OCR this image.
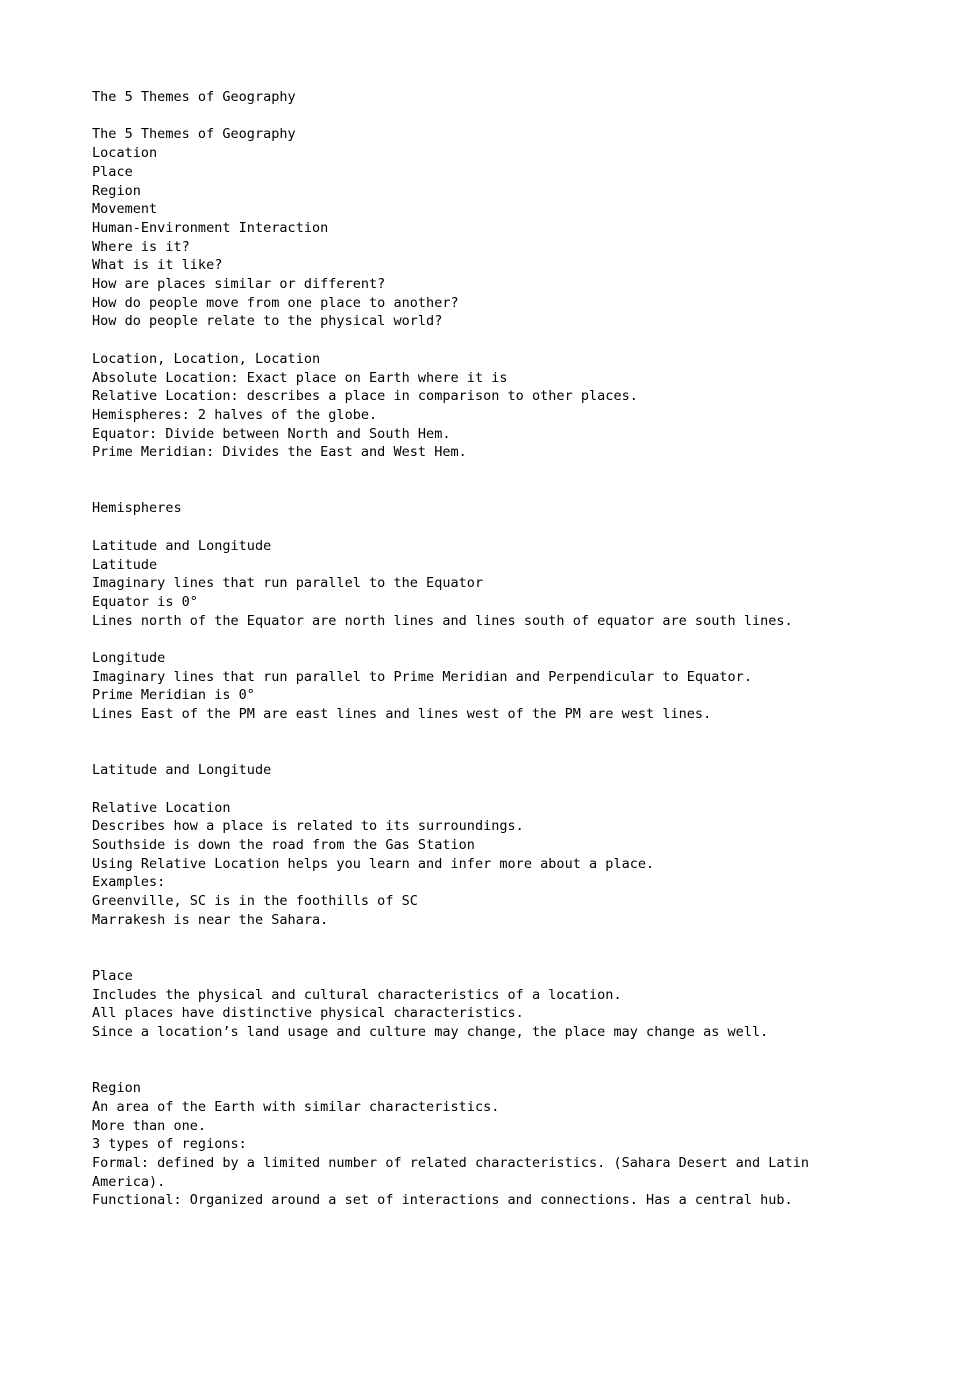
The 5 Themes of Geography

The 5 Themes of Geography

Location

Place

Region

Movement

Human-Environment Interaction

Where is it?

What is it like?

How are places similar or different?

How do people move from one place to another?

How do people relate to the physical world?

Location, Location, Location

Absolute Location: Exact place on Earth where it is

Relative Location: describes a place in comparison to other places.

Hemispheres: 2 halves of the globe.

Equator: Divide between North and South Hem.

Prime Meridian: Divides the East and West Hem.

Hemispheres

Latitude and Longitude

Latitude

Imaginary lines that run parallel to the Equator

Equator is 0°

Lines north of the Equator are north lines and lines south of equator are south lines.

Longitude

Imaginary lines that run parallel to Prime Meridian and Perpendicular to Equator.

Prime Meridian is 0°

Lines East of the PM are east lines and lines west of the PM are west lines.

Latitude and Longitude

Relative Location

Describes how a place is related to its surroundings.

Southside is down the road from the Gas Station

Using Relative Location helps you learn and infer more about a place.

Examples:

Greenville, SC is in the foothills of SC

Marrakesh is near the Sahara.

Place

Includes the physical and cultural characteristics of a location.

All places have distinctive physical characteristics.

Since a location’s land usage and culture may change, the place may change as well.

Region

An area of the Earth with similar characteristics.

More than one.

3 types of regions:

Formal: defined by a limited number of related characteristics. (Sahara Desert and Latin America).

Functional: Organized around a set of interactions and connections. Has a central hub.
